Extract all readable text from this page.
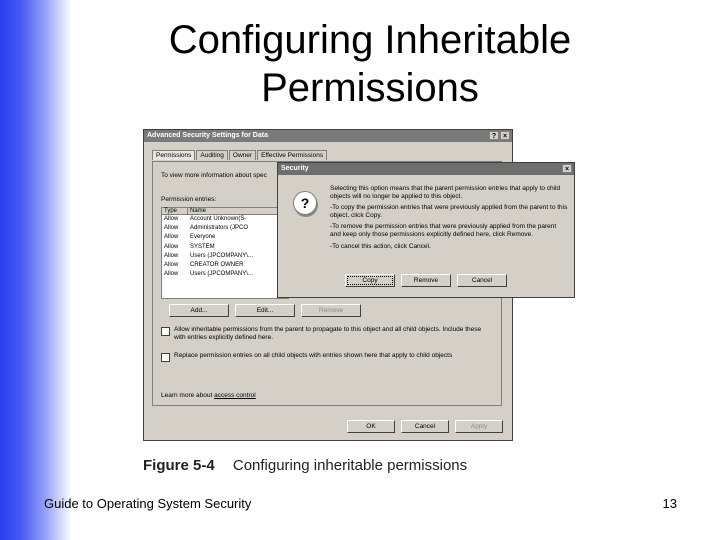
Configuring Inheritable
Permissions
Advanced Security Settings for Data	? ×
Permissions	Auditing	Owner	Effective Permissions
To view more information about spec
Permission entries:
Type	Name
Allow	Account Unknown(S-
Allow	Administrators (JPCO
Allow	Everyone
Allow	SYSTEM
Allow	Users (JPCOMPANY\...
Allow	CREATOR OWNER
Allow	Users (JPCOMPANY\...
Add...	Edit...	Remove
Allow inheritable permissions from the parent to propagate to this object and all child objects. Include these with entries explicitly defined here.
Replace permission entries on all child objects with entries shown here that apply to child objects
Learn more about access control
OK	Cancel	Apply
Security	×
?

Selecting this option means that the parent permission entries that apply to child objects will no longer be applied to this object.

-To copy the permission entries that were previously applied from the parent to this object, click Copy.

-To remove the permission entries that were previously applied from the parent and keep only those permissions explicitly defined here, click Remove.

-To cancel this action, click Cancel.

Copy	Remove	Cancel
Figure 5-4 Configuring inheritable permissions
Guide to Operating System Security	13
